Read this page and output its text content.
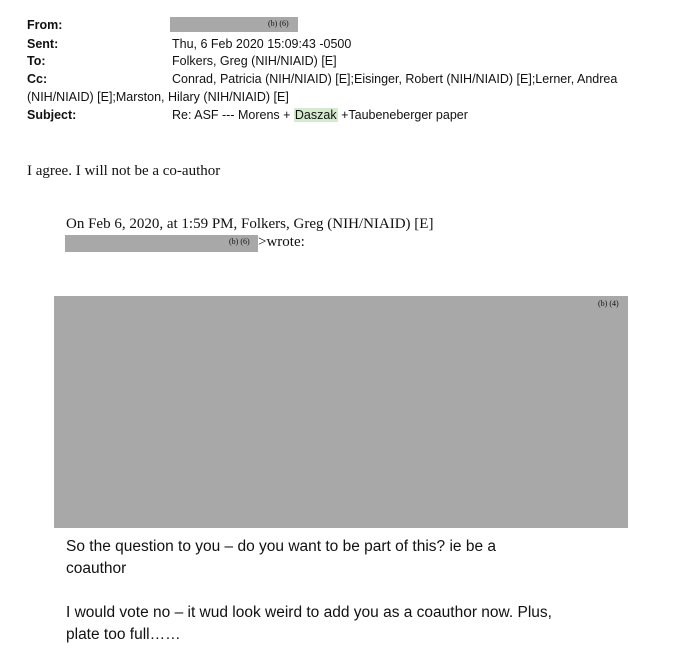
From:	(b) (6)
Sent:	Thu, 6 Feb 2020 15:09:43 -0500
To:	Folkers, Greg (NIH/NIAID) [E]
Cc:	Conrad, Patricia (NIH/NIAID) [E];Eisinger, Robert (NIH/NIAID) [E];Lerner, Andrea
(NIH/NIAID) [E];Marston, Hilary (NIH/NIAID) [E]
Subject:	Re: ASF --- Morens + Daszak +Taubeneberger paper
I agree. I will not be a co-author
On Feb 6, 2020, at 1:59 PM, Folkers, Greg (NIH/NIAID) [E]
(b) (6) >wrote:
(b) (4)
So the question to you – do you want to be part of this? ie be a
coauthor
I would vote no – it wud look weird to add you as a coauthor now. Plus,
plate too full……
